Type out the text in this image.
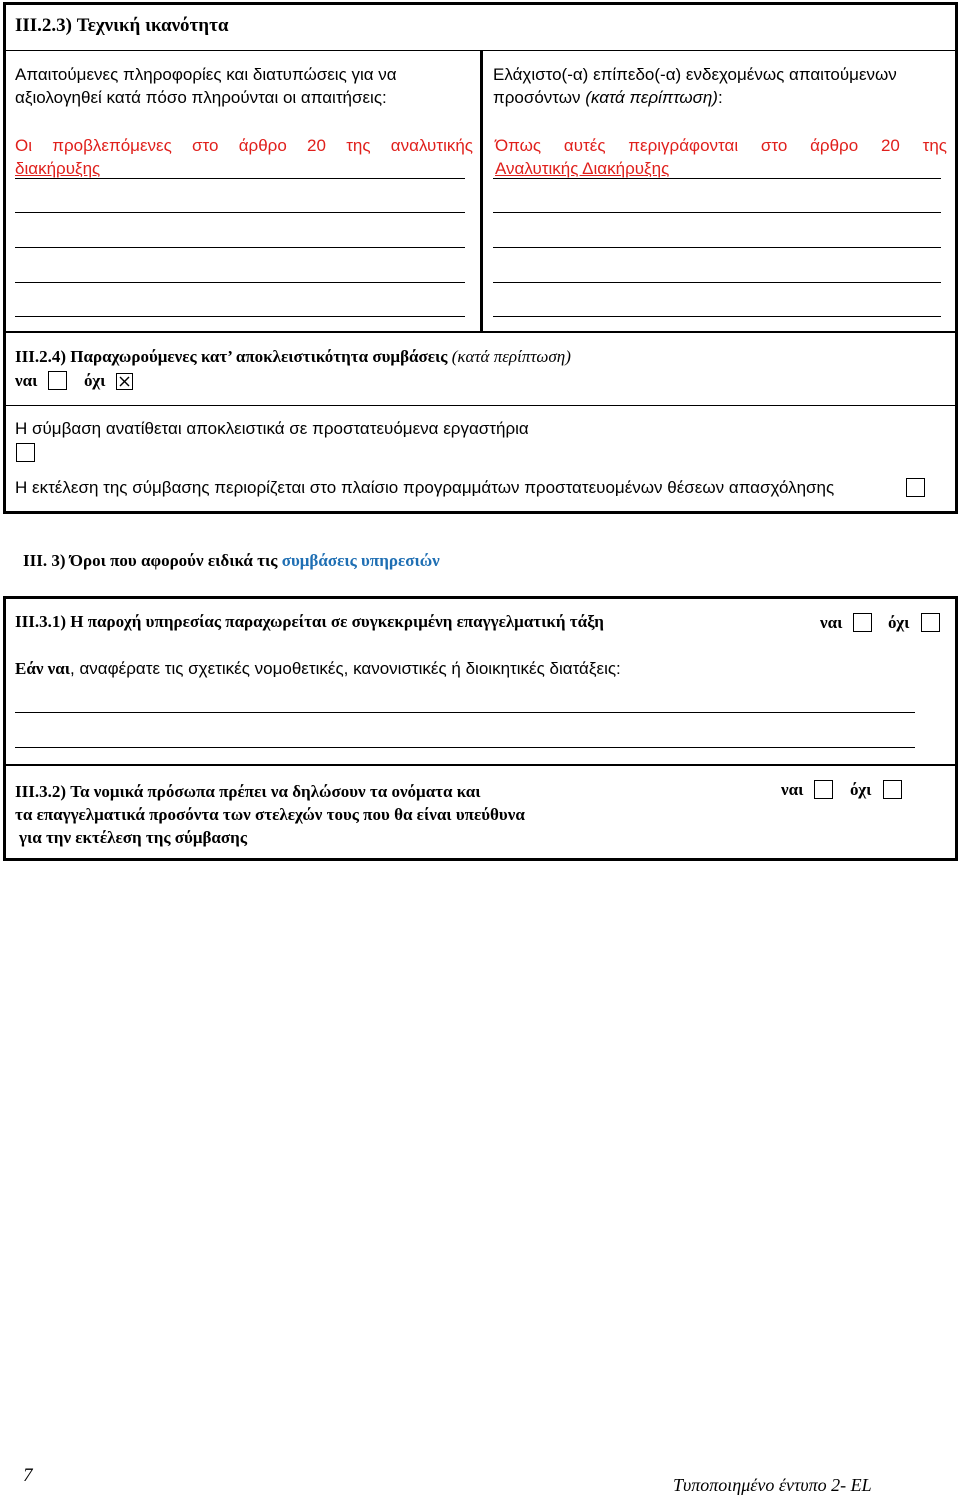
III.2.3) Τεχνική ικανότητα
Απαιτούμενες πληροφορίες και διατυπώσεις για να
αξιολογηθεί κατά πόσο πληρούνται οι απαιτήσεις:
Οι προβλεπόμενες στο άρθρο 20 της αναλυτικής
διακήρυξης
Ελάχιστο(-α) επίπεδο(-α) ενδεχομένως απαιτούμενων
προσόντων (κατά περίπτωση):
Όπως αυτές περιγράφονται στο άρθρο 20 της
Αναλυτικής Διακήρυξης
III.2.4) Παραχωρούμενες κατ’ αποκλειστικότητα συμβάσεις (κατά περίπτωση)
ναι	όχι
Η σύμβαση ανατίθεται αποκλειστικά σε προστατευόμενα εργαστήρια
Η εκτέλεση της σύμβασης περιορίζεται στο πλαίσιο προγραμμάτων προστατευομένων θέσεων απασχόλησης
III. 3) Όροι που αφορούν ειδικά τις συμβάσεις υπηρεσιών
III.3.1) Η παροχή υπηρεσίας παραχωρείται σε συγκεκριμένη επαγγελματική τάξη	ναι	όχι
Εάν ναι, αναφέρατε τις σχετικές νομοθετικές, κανονιστικές ή διοικητικές διατάξεις:
III.3.2) Τα νομικά πρόσωπα πρέπει να δηλώσουν τα ονόματα και
τα επαγγελματικά προσόντα των στελεχών τους που θα είναι υπεύθυνα
για την εκτέλεση της σύμβασης
ναι	όχι
7	Τυποποιημένο έντυπο 2- EL
